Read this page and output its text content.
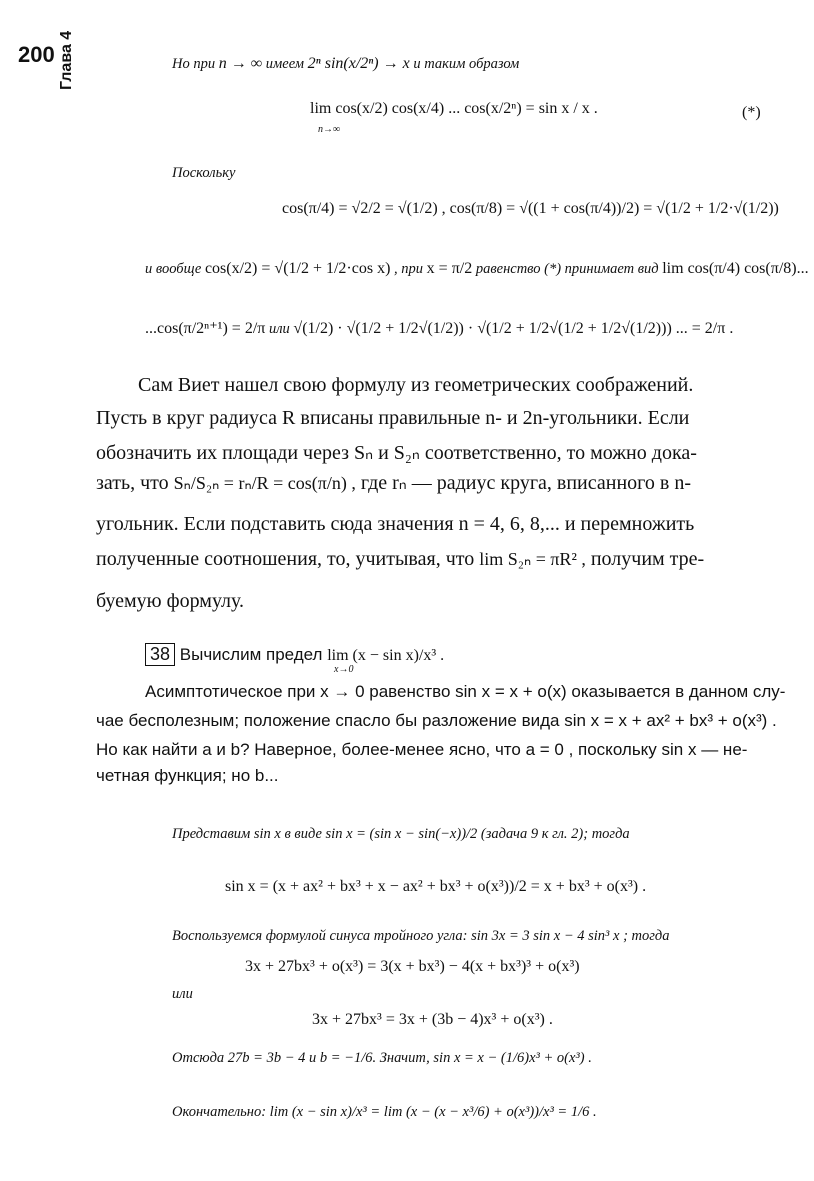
200 Глава 4	Но при n → ∞ имеем 2ⁿ sin(x/2ⁿ) → x и таким образом
lim cos(x/2) cos(x/4) ... cos(x/2ⁿ) = sin x / x .
n→∞
(*)
Поскольку
cos(π/4) = √2/2 = √(1/2) , cos(π/8) = √((1 + cos(π/4))/2) = √(1/2 + 1/2·√(1/2))
и вообще cos(x/2) = √(1/2 + 1/2·cos x) , при x = π/2 равенство (*) принимает вид lim cos(π/4) cos(π/8)...
...cos(π/2ⁿ⁺¹) = 2/π или √(1/2) · √(1/2 + 1/2√(1/2)) · √(1/2 + 1/2√(1/2 + 1/2√(1/2))) ... = 2/π .
Сам Виет нашел свою формулу из геометрических соображений.
Пусть в круг радиуса R вписаны правильные n- и 2n-угольники. Если
обозначить их площади через Sₙ и S₂ₙ соответственно, то можно дока-
зать, что Sₙ/S₂ₙ = rₙ/R = cos(π/n) , где rₙ — радиус круга, вписанного в n-
угольник. Если подставить сюда значения n = 4, 6, 8,... и перемножить
полученные соотношения, то, учитывая, что lim S₂ₙ = πR² , получим тре-
буемую формулу.
38 Вычислим предел lim (x − sin x)/x³ .
x→0
Асимптотическое при x → 0 равенство sin x = x + o(x) оказывается в данном слу-
чае бесполезным; положение спасло бы разложение вида sin x = x + ax² + bx³ + o(x³) .
Но как найти a и b? Наверное, более-менее ясно, что a = 0 , поскольку sin x — не-
четная функция; но b...
Представим sin x в виде sin x = (sin x − sin(−x))/2 (задача 9 к гл. 2); тогда
sin x = (x + ax² + bx³ + x − ax² + bx³ + o(x³))/2 = x + bx³ + o(x³) .
Воспользуемся формулой синуса тройного угла: sin 3x = 3 sin x − 4 sin³ x ; тогда
3x + 27bx³ + o(x³) = 3(x + bx³) − 4(x + bx³)³ + o(x³)
или
3x + 27bx³ = 3x + (3b − 4)x³ + o(x³) .
Отсюда 27b = 3b − 4 и b = −1/6. Значит, sin x = x − (1/6)x³ + o(x³) .
Окончательно: lim (x − sin x)/x³ = lim (x − (x − x³/6) + o(x³))/x³ = 1/6 .
